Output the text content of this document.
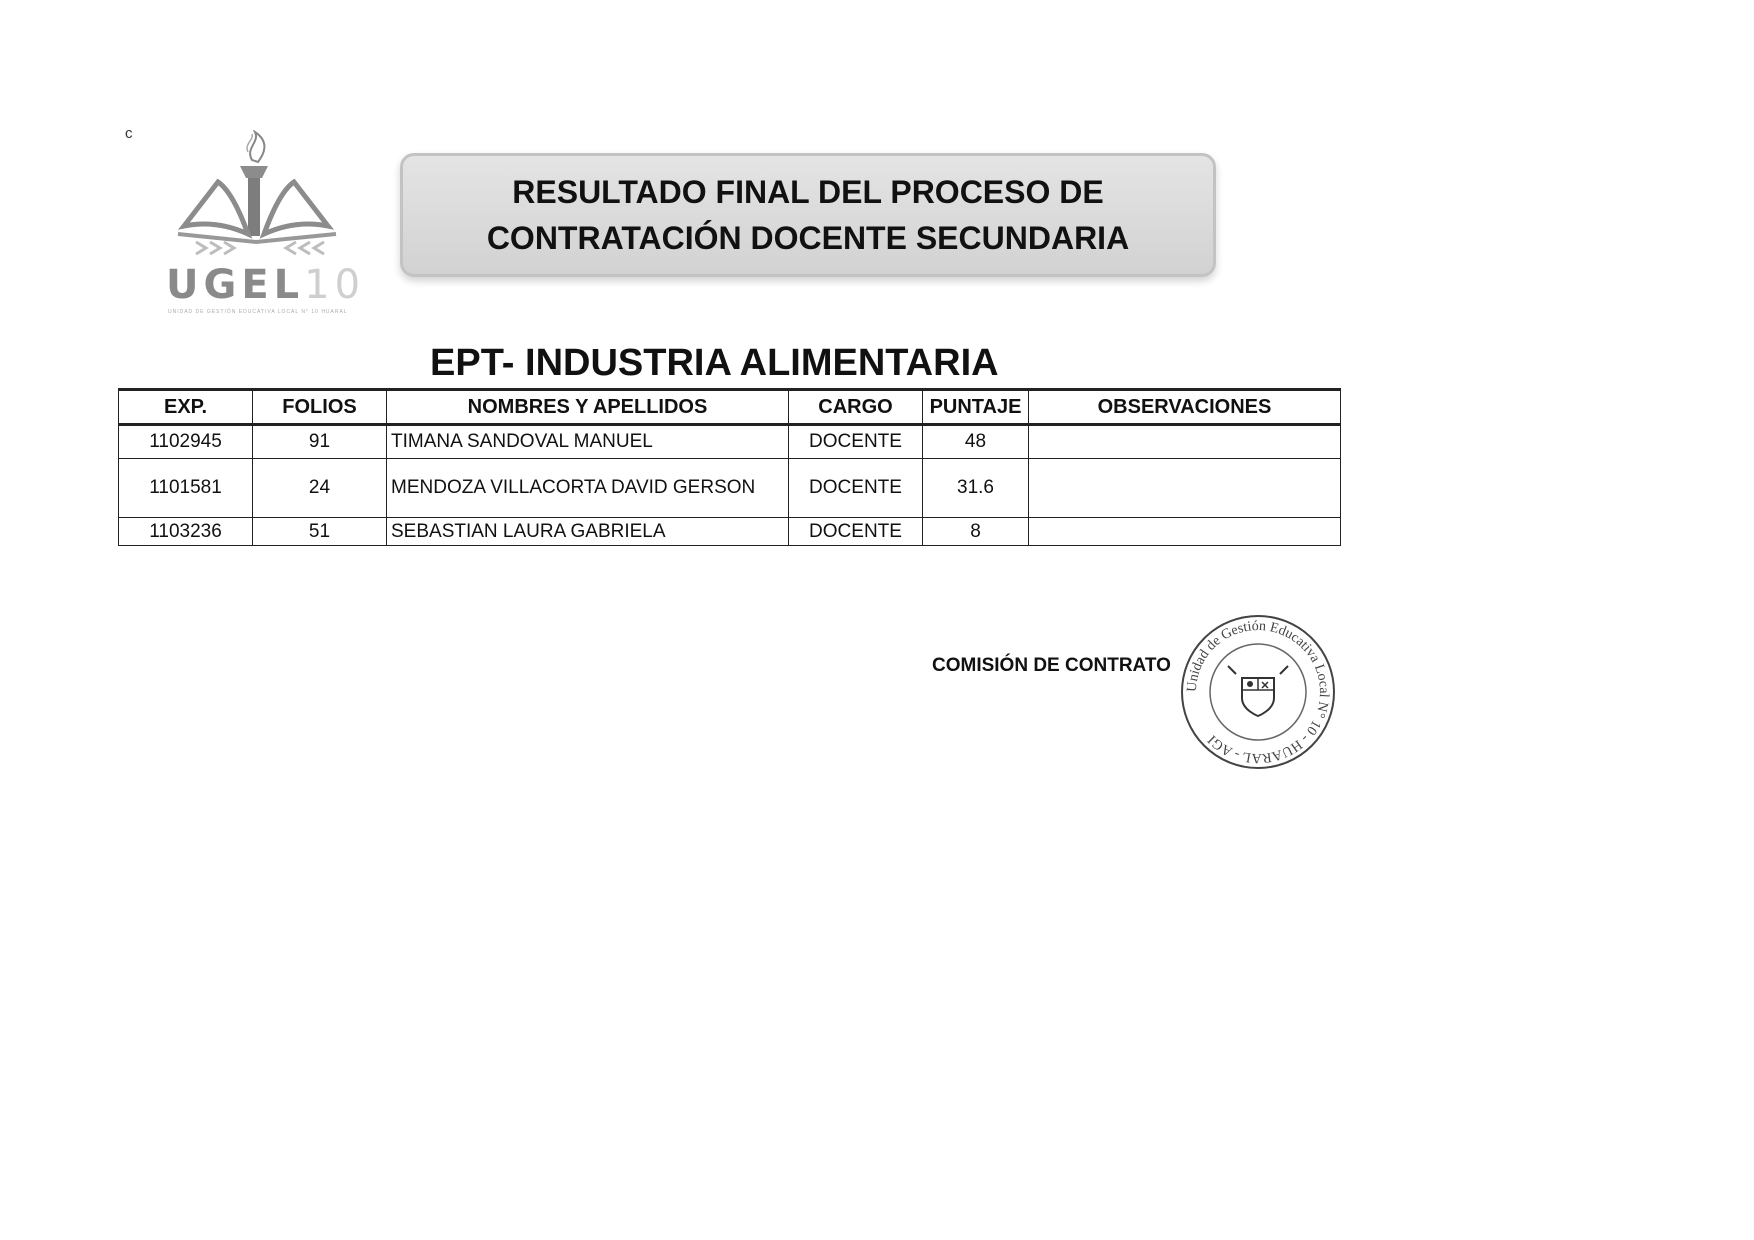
c
UGEL10
UNIDAD DE GESTIÓN EDUCATIVA LOCAL N° 10 HUARAL
RESULTADO FINAL DEL PROCESO DE
CONTRATACIÓN DOCENTE SECUNDARIA
EPT- INDUSTRIA ALIMENTARIA
EXP.	FOLIOS	NOMBRES Y APELLIDOS	CARGO	PUNTAJE	OBSERVACIONES
1102945	91	TIMANA SANDOVAL MANUEL	DOCENTE	48	
1101581	24	MENDOZA VILLACORTA DAVID GERSON	DOCENTE	31.6	
1103236	51	SEBASTIAN LAURA GABRIELA	DOCENTE	8	
COMISIÓN DE CONTRATO
Unidad de Gestión Educativa Local N° 10 - HUARAL - AGI
